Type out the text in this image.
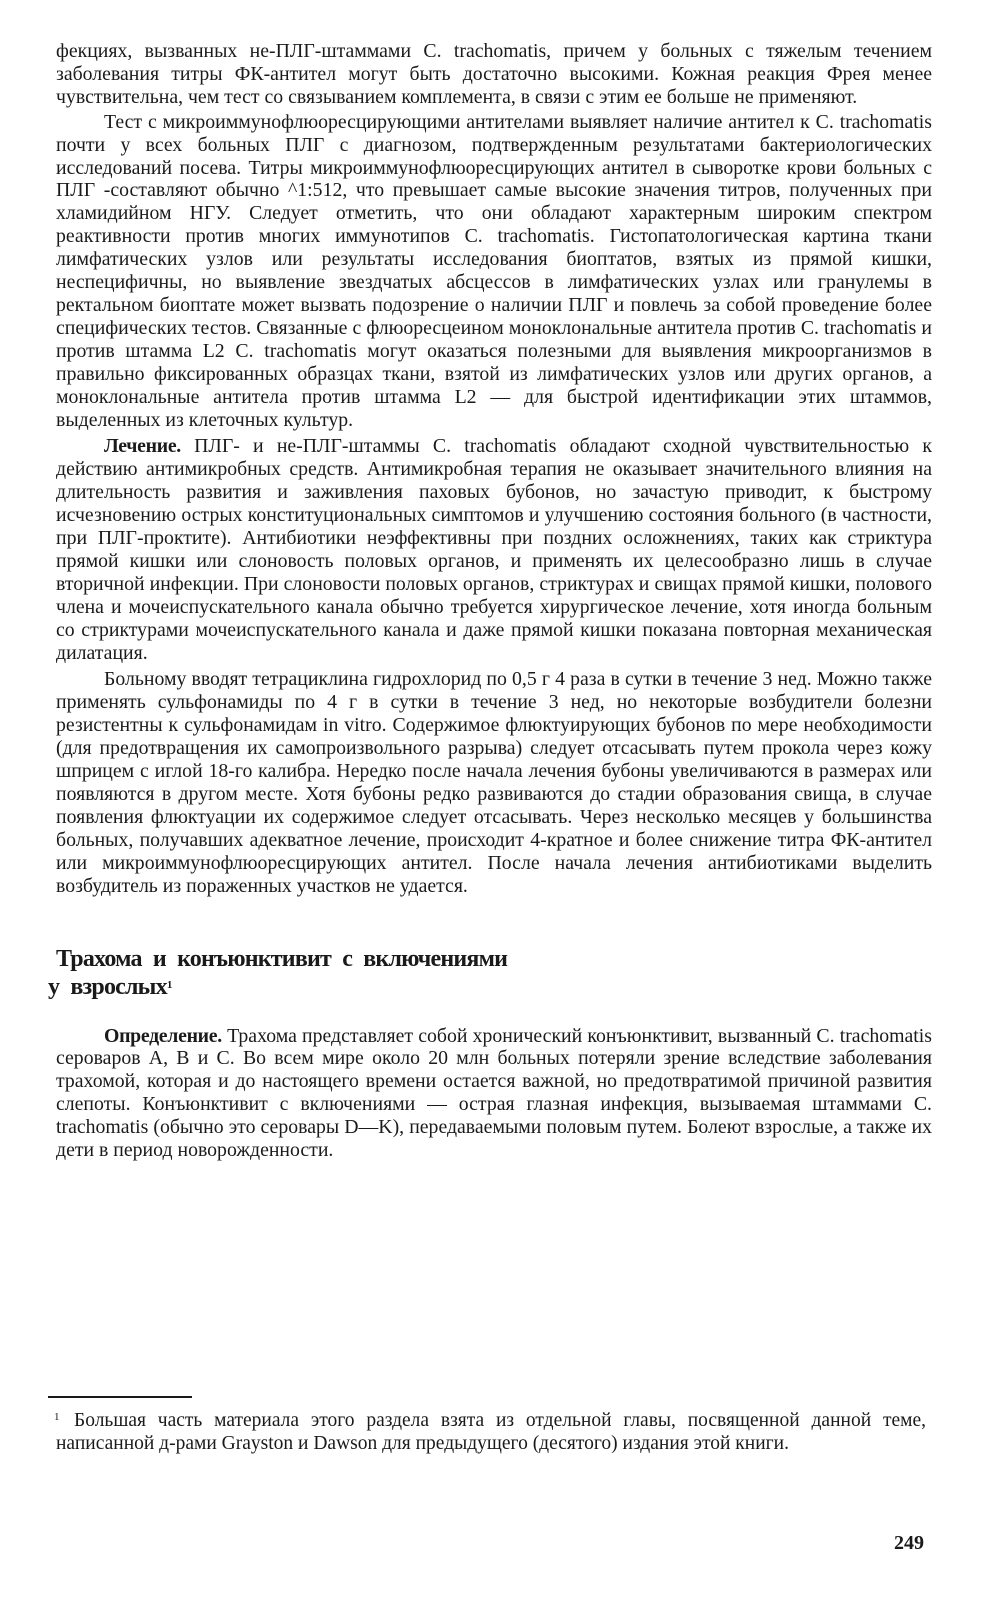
фекциях, вызванных не-ПЛГ-штаммами C. trachomatis, причем у больных с тяжелым течением заболевания титры ФК-антител могут быть достаточно высокими. Кожная реакция Фрея менее чувствительна, чем тест со связыванием комплемента, в связи с этим ее больше не применяют.

Тест с микроиммунофлюоресцирующими антителами выявляет наличие антител к C. trachomatis почти у всех больных ПЛГ с диагнозом, подтвержденным результатами бактериологических исследований посева. Титры микроиммунофлюоресцирующих антител в сыворотке крови больных с ПЛГ -составляют обычно ^1:512, что превышает самые высокие значения титров, полученных при хламидийном НГУ. Следует отметить, что они обладают характерным широким спектром реактивности против многих иммунотипов C. trachomatis. Гистопатологическая картина ткани лимфатических узлов или результаты исследования биоптатов, взятых из прямой кишки, неспецифичны, но выявление звездчатых абсцессов в лимфатических узлах или гранулемы в ректальном биоптате может вызвать подозрение о наличии ПЛГ и повлечь за собой проведение более специфических тестов. Связанные с флюоресцеином моноклональные антитела против C. trachomatis и против штамма L2 C. trachomatis могут оказаться полезными для выявления микроорганизмов в правильно фиксированных образцах ткани, взятой из лимфатических узлов или других органов, а моноклональные антитела против штамма L2 — для быстрой идентификации этих штаммов, выделенных из клеточных культур.

Лечение. ПЛГ- и не-ПЛГ-штаммы C. trachomatis обладают сходной чувствительностью к действию антимикробных средств. Антимикробная терапия не оказывает значительного влияния на длительность развития и заживления паховых бубонов, но зачастую приводит, к быстрому исчезновению острых конституциональных симптомов и улучшению состояния больного (в частности, при ПЛГ-проктите). Антибиотики неэффективны при поздних осложнениях, таких как стриктура прямой кишки или слоновость половых органов, и применять их целесообразно лишь в случае вторичной инфекции. При слоновости половых органов, стриктурах и свищах прямой кишки, полового члена и мочеиспускательного канала обычно требуется хирургическое лечение, хотя иногда больным со стриктурами мочеиспускательного канала и даже прямой кишки показана повторная механическая дилатация.

Больному вводят тетрациклина гидрохлорид по 0,5 г 4 раза в сутки в течение 3 нед. Можно также применять сульфонамиды по 4 г в сутки в течение 3 нед, но некоторые возбудители болезни резистентны к сульфонамидам in vitro. Содержимое флюктуирующих бубонов по мере необходимости (для предотвращения их самопроизвольного разрыва) следует отсасывать путем прокола через кожу шприцем с иглой 18-го калибра. Нередко после начала лечения бубоны увеличиваются в размерах или появляются в другом месте. Хотя бубоны редко развиваются до стадии образования свища, в случае появления флюктуации их содержимое следует отсасывать. Через несколько месяцев у большинства больных, получавших адекватное лечение, происходит 4-кратное и более снижение титра ФК-антител или микроиммунофлюоресцирующих антител. После начала лечения антибиотиками выделить возбудитель из пораженных участков не удается.

Трахома и конъюнктивит с включениями
у взрослых$^1$

Определение. Трахома представляет собой хронический конъюнктивит, вызванный C. trachomatis сероваров А, В и С. Во всем мире около 20 млн больных потеряли зрение вследствие заболевания трахомой, которая и до настоящего времени остается важной, но предотвратимой причиной развития слепоты. Конъюнктивит с включениями — острая глазная инфекция, вызываемая штаммами C. trachomatis (обычно это серовары D—K), передаваемыми половым путем. Болеют взрослые, а также их дети в период новорожденности.

1 Большая часть материала этого раздела взята из отдельной главы, посвященной данной теме, написанной д-рами Grayston и Dawson для предыдущего (десятого) издания этой книги.
249
